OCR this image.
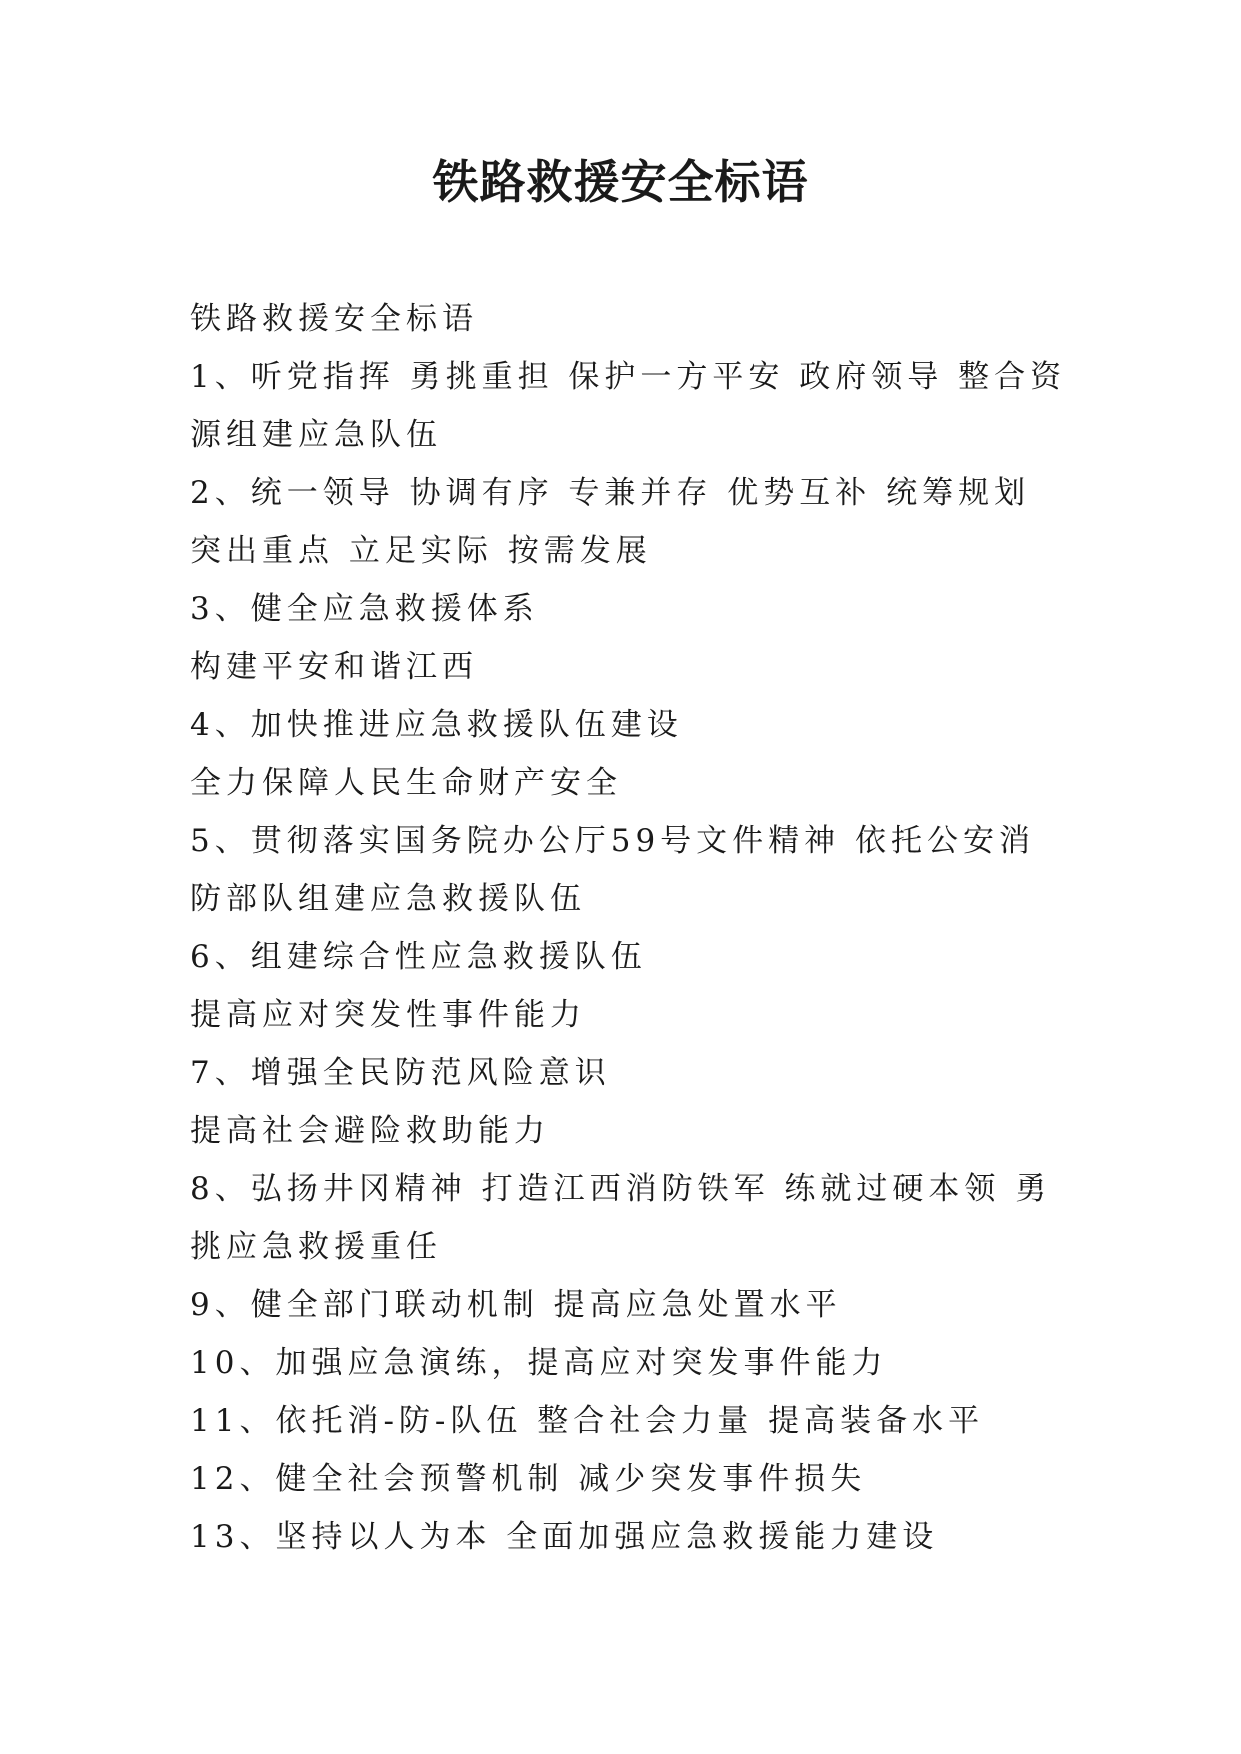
铁路救援安全标语

铁路救援安全标语

1、听党指挥 勇挑重担 保护一方平安 政府领导 整合资源组建应急队伍

2、统一领导 协调有序 专兼并存 优势互补 统筹规划 突出重点 立足实际 按需发展

3、健全应急救援体系

构建平安和谐江西

4、加快推进应急救援队伍建设

全力保障人民生命财产安全

5、贯彻落实国务院办公厅59号文件精神 依托公安消防部队组建应急救援队伍

6、组建综合性应急救援队伍

提高应对突发性事件能力

7、增强全民防范风险意识

提高社会避险救助能力

8、弘扬井冈精神 打造江西消防铁军 练就过硬本领 勇挑应急救援重任

9、健全部门联动机制 提高应急处置水平

10、加强应急演练，提高应对突发事件能力

11、依托消-防-队伍 整合社会力量 提高装备水平

12、健全社会预警机制 减少突发事件损失

13、坚持以人为本 全面加强应急救援能力建设
